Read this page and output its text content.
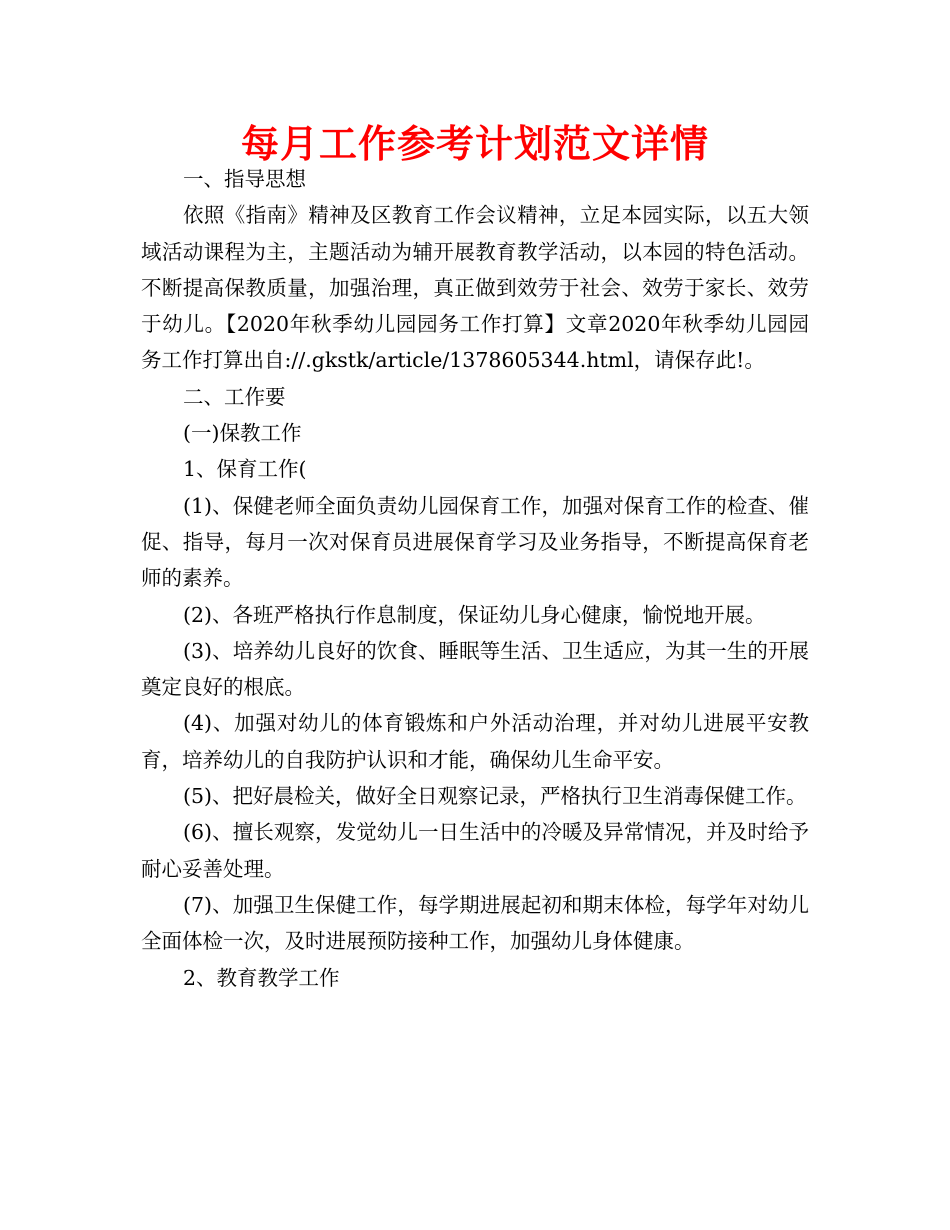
每月工作参考计划范文详情

一、指导思想

依照《指南》精神及区教育工作会议精神，立足本园实际，以五大领域活动课程为主，主题活动为辅开展教育教学活动，以本园的特色活动。不断提高保教质量，加强治理，真正做到效劳于社会、效劳于家长、效劳于幼儿。【2020年秋季幼儿园园务工作打算】文章2020年秋季幼儿园园务工作打算出自://.gkstk/article/1378605344.html，请保存此!。

二、工作要

(一)保教工作

1、保育工作(

(1)、保健老师全面负责幼儿园保育工作，加强对保育工作的检查、催促、指导，每月一次对保育员进展保育学习及业务指导，不断提高保育老师的素养。

(2)、各班严格执行作息制度，保证幼儿身心健康，愉悦地开展。

(3)、培养幼儿良好的饮食、睡眠等生活、卫生适应，为其一生的开展奠定良好的根底。

(4)、加强对幼儿的体育锻炼和户外活动治理，并对幼儿进展平安教育，培养幼儿的自我防护认识和才能，确保幼儿生命平安。

(5)、把好晨检关，做好全日观察记录，严格执行卫生消毒保健工作。

(6)、擅长观察，发觉幼儿一日生活中的冷暖及异常情况，并及时给予耐心妥善处理。

(7)、加强卫生保健工作，每学期进展起初和期末体检，每学年对幼儿全面体检一次，及时进展预防接种工作，加强幼儿身体健康。

2、教育教学工作
